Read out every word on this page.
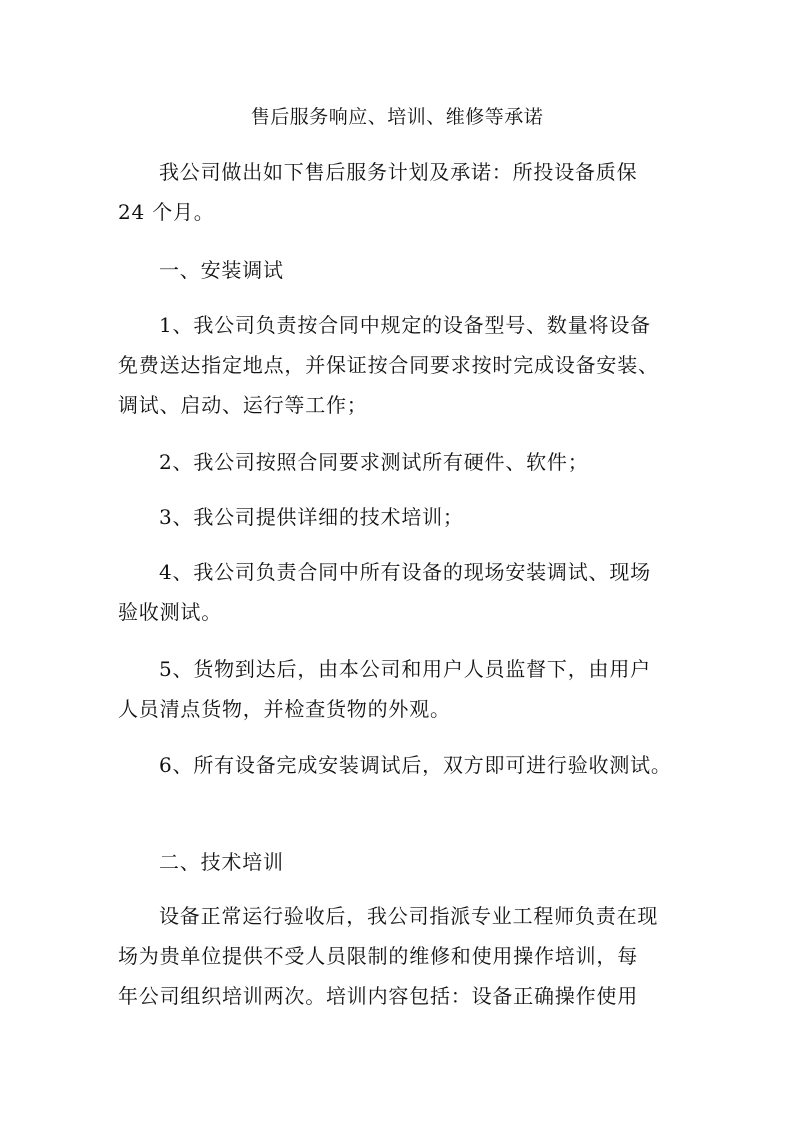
售后服务响应、培训、维修等承诺
我公司做出如下售后服务计划及承诺：所投设备质保
24 个月。
一、安装调试
1、我公司负责按合同中规定的设备型号、数量将设备
免费送达指定地点，并保证按合同要求按时完成设备安装、
调试、启动、运行等工作；
2、我公司按照合同要求测试所有硬件、软件；
3、我公司提供详细的技术培训；
4、我公司负责合同中所有设备的现场安装调试、现场
验收测试。
5、货物到达后，由本公司和用户人员监督下，由用户
人员清点货物，并检查货物的外观。
6、所有设备完成安装调试后，双方即可进行验收测试。
二、技术培训
设备正常运行验收后，我公司指派专业工程师负责在现
场为贵单位提供不受人员限制的维修和使用操作培训，每
年公司组织培训两次。培训内容包括：设备正确操作使用
